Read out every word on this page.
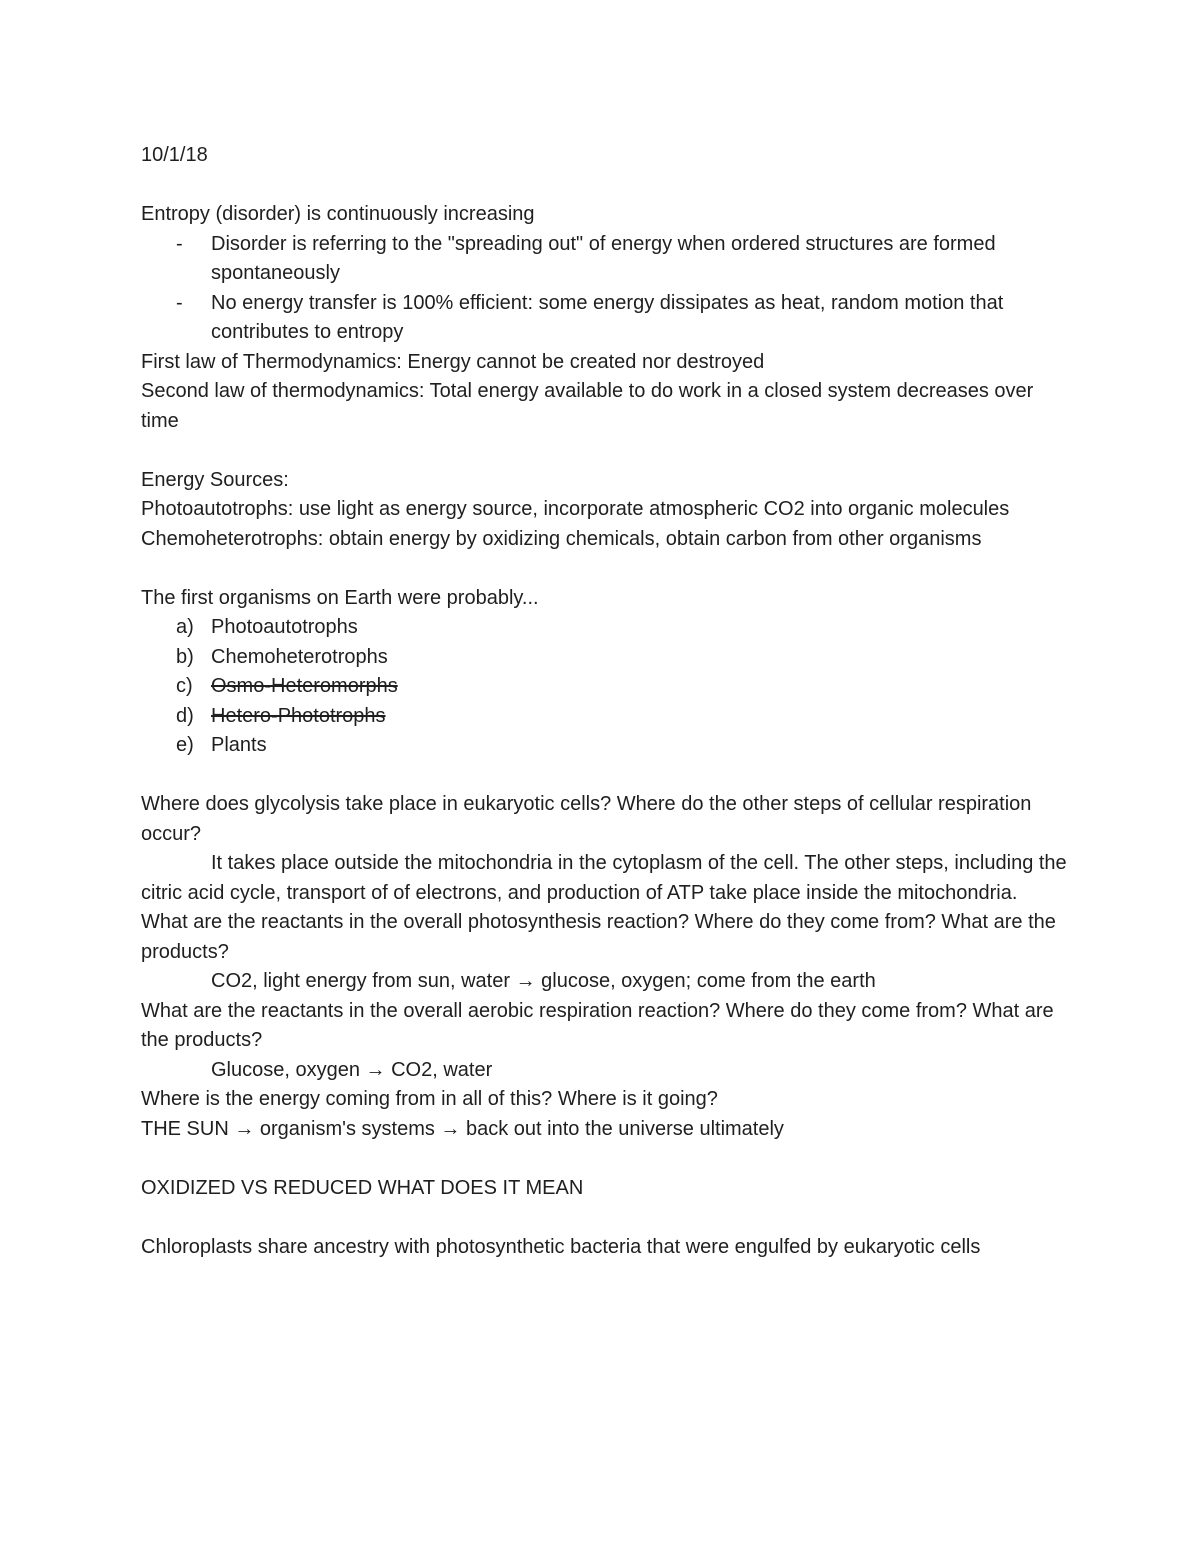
10/1/18

Entropy (disorder) is continuously increasing

- Disorder is referring to the "spreading out" of energy when ordered structures are formed spontaneously
- No energy transfer is 100% efficient: some energy dissipates as heat, random motion that contributes to entropy

First law of Thermodynamics: Energy cannot be created nor destroyed

Second law of thermodynamics: Total energy available to do work in a closed system decreases over time

Energy Sources:

Photoautotrophs: use light as energy source, incorporate atmospheric CO2 into organic molecules

Chemoheterotrophs: obtain energy by oxidizing chemicals, obtain carbon from other organisms

The first organisms on Earth were probably...

a) Photoautotrophs
b) Chemoheterotrophs
c) Osmo-Heteromorphs
d) Hetero-Phototrophs
e) Plants

Where does glycolysis take place in eukaryotic cells? Where do the other steps of cellular respiration occur?

It takes place outside the mitochondria in the cytoplasm of the cell. The other steps, including the citric acid cycle, transport of of electrons, and production of ATP take place inside the mitochondria.

What are the reactants in the overall photosynthesis reaction? Where do they come from? What are the products?

CO2, light energy from sun, water → glucose, oxygen; come from the earth

What are the reactants in the overall aerobic respiration reaction? Where do they come from? What are the products?

Glucose, oxygen → CO2, water

Where is the energy coming from in all of this? Where is it going?

THE SUN → organism's systems → back out into the universe ultimately

OXIDIZED VS REDUCED WHAT DOES IT MEAN

Chloroplasts share ancestry with photosynthetic bacteria that were engulfed by eukaryotic cells
